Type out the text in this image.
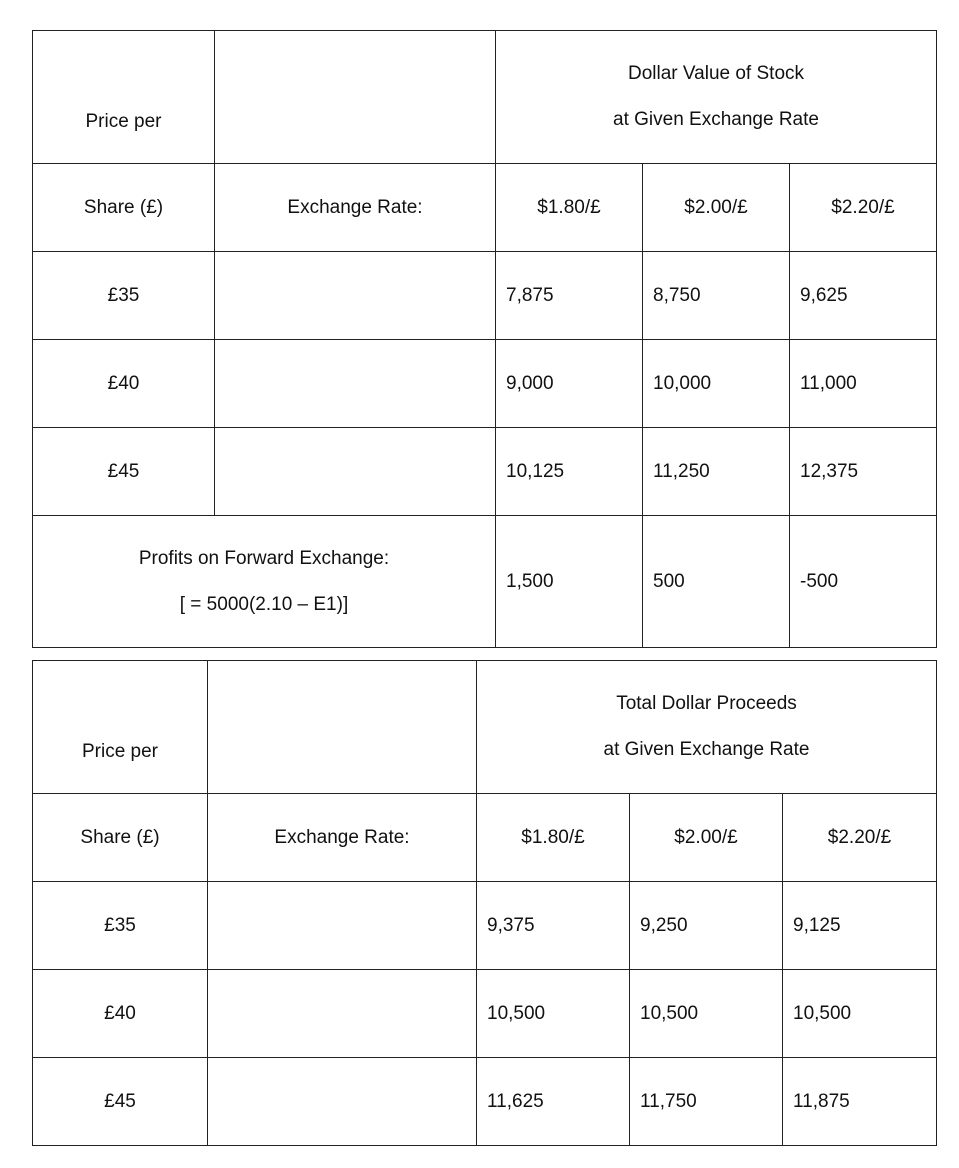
Price per		Dollar Value of Stock
at Given Exchange Rate		

Share (£)	Exchange Rate:	$1.80/£	$2.00/£	$2.20/£
£35		7,875	8,750	9,625
£40		9,000	10,000	11,000
£45		10,125	11,250	12,375

Profits on Forward Exchange:
[ = 5000(2.10 – E1)]		1,500	500	-500
Price per		Total Dollar Proceeds
at Given Exchange Rate		

Share (£)	Exchange Rate:	$1.80/£	$2.00/£	$2.20/£
£35		9,375	9,250	9,125
£40		10,500	10,500	10,500
£45		11,625	11,750	11,875
